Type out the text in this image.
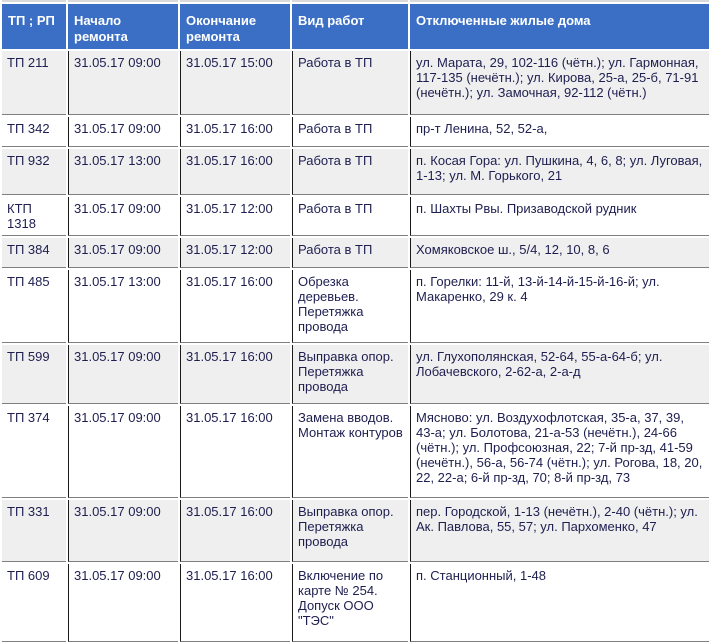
ТП ; РП	Начало ремонта	Окончание ремонта	Вид работ	Отключенные жилые дома
ТП 211	31.05.17 09:00	31.05.17 15:00	Работа в ТП	ул. Марата, 29, 102-116 (чётн.); ул. Гармонная, 117-135 (нечётн.); ул. Кирова, 25-а, 25-б, 71-91 (нечётн.); ул. Замочная, 92-112 (чётн.)
ТП 342	31.05.17 09:00	31.05.17 16:00	Работа в ТП	пр-т Ленина, 52, 52-а,
ТП 932	31.05.17 13:00	31.05.17 16:00	Работа в ТП	п. Косая Гора: ул. Пушкина, 4, 6, 8; ул. Луговая, 1-13; ул. М. Горького, 21
КТП 1318	31.05.17 09:00	31.05.17 12:00	Работа в ТП	п. Шахты Рвы. Призаводской рудник
ТП 384	31.05.17 09:00	31.05.17 12:00	Работа в ТП	Хомяковское ш., 5/4, 12, 10, 8, 6
ТП 485	31.05.17 13:00	31.05.17 16:00	Обрезка деревьев. Перетяжка провода	п. Горелки: 11-й, 13-й-14-й-15-й-16-й; ул. Макаренко, 29 к. 4
ТП 599	31.05.17 09:00	31.05.17 16:00	Выправка опор. Перетяжка провода	ул. Глухополянская, 52-64, 55-а-64-б; ул. Лобачевского, 2-62-а, 2-а-д
ТП 374	31.05.17 09:00	31.05.17 16:00	Замена вводов. Монтаж контуров	Мясново: ул. Воздухофлотская, 35-а, 37, 39, 43-а; ул. Болотова, 21-а-53 (нечётн.), 24-66 (чётн.); ул. Профсоюзная, 22; 7-й пр-зд, 41-59 (нечётн.), 56-а, 56-74 (чётн.); ул. Рогова, 18, 20, 22, 22-а; 6-й пр-зд, 70; 8-й пр-зд, 73
ТП 331	31.05.17 09:00	31.05.17 16:00	Выправка опор. Перетяжка провода	пер. Городской, 1-13 (нечётн.), 2-40 (чётн.); ул. Ак. Павлова, 55, 57; ул. Пархоменко, 47
ТП 609	31.05.17 09:00	31.05.17 16:00	Включение по карте № 254. Допуск ООО "ТЭС"	п. Станционный, 1-48
